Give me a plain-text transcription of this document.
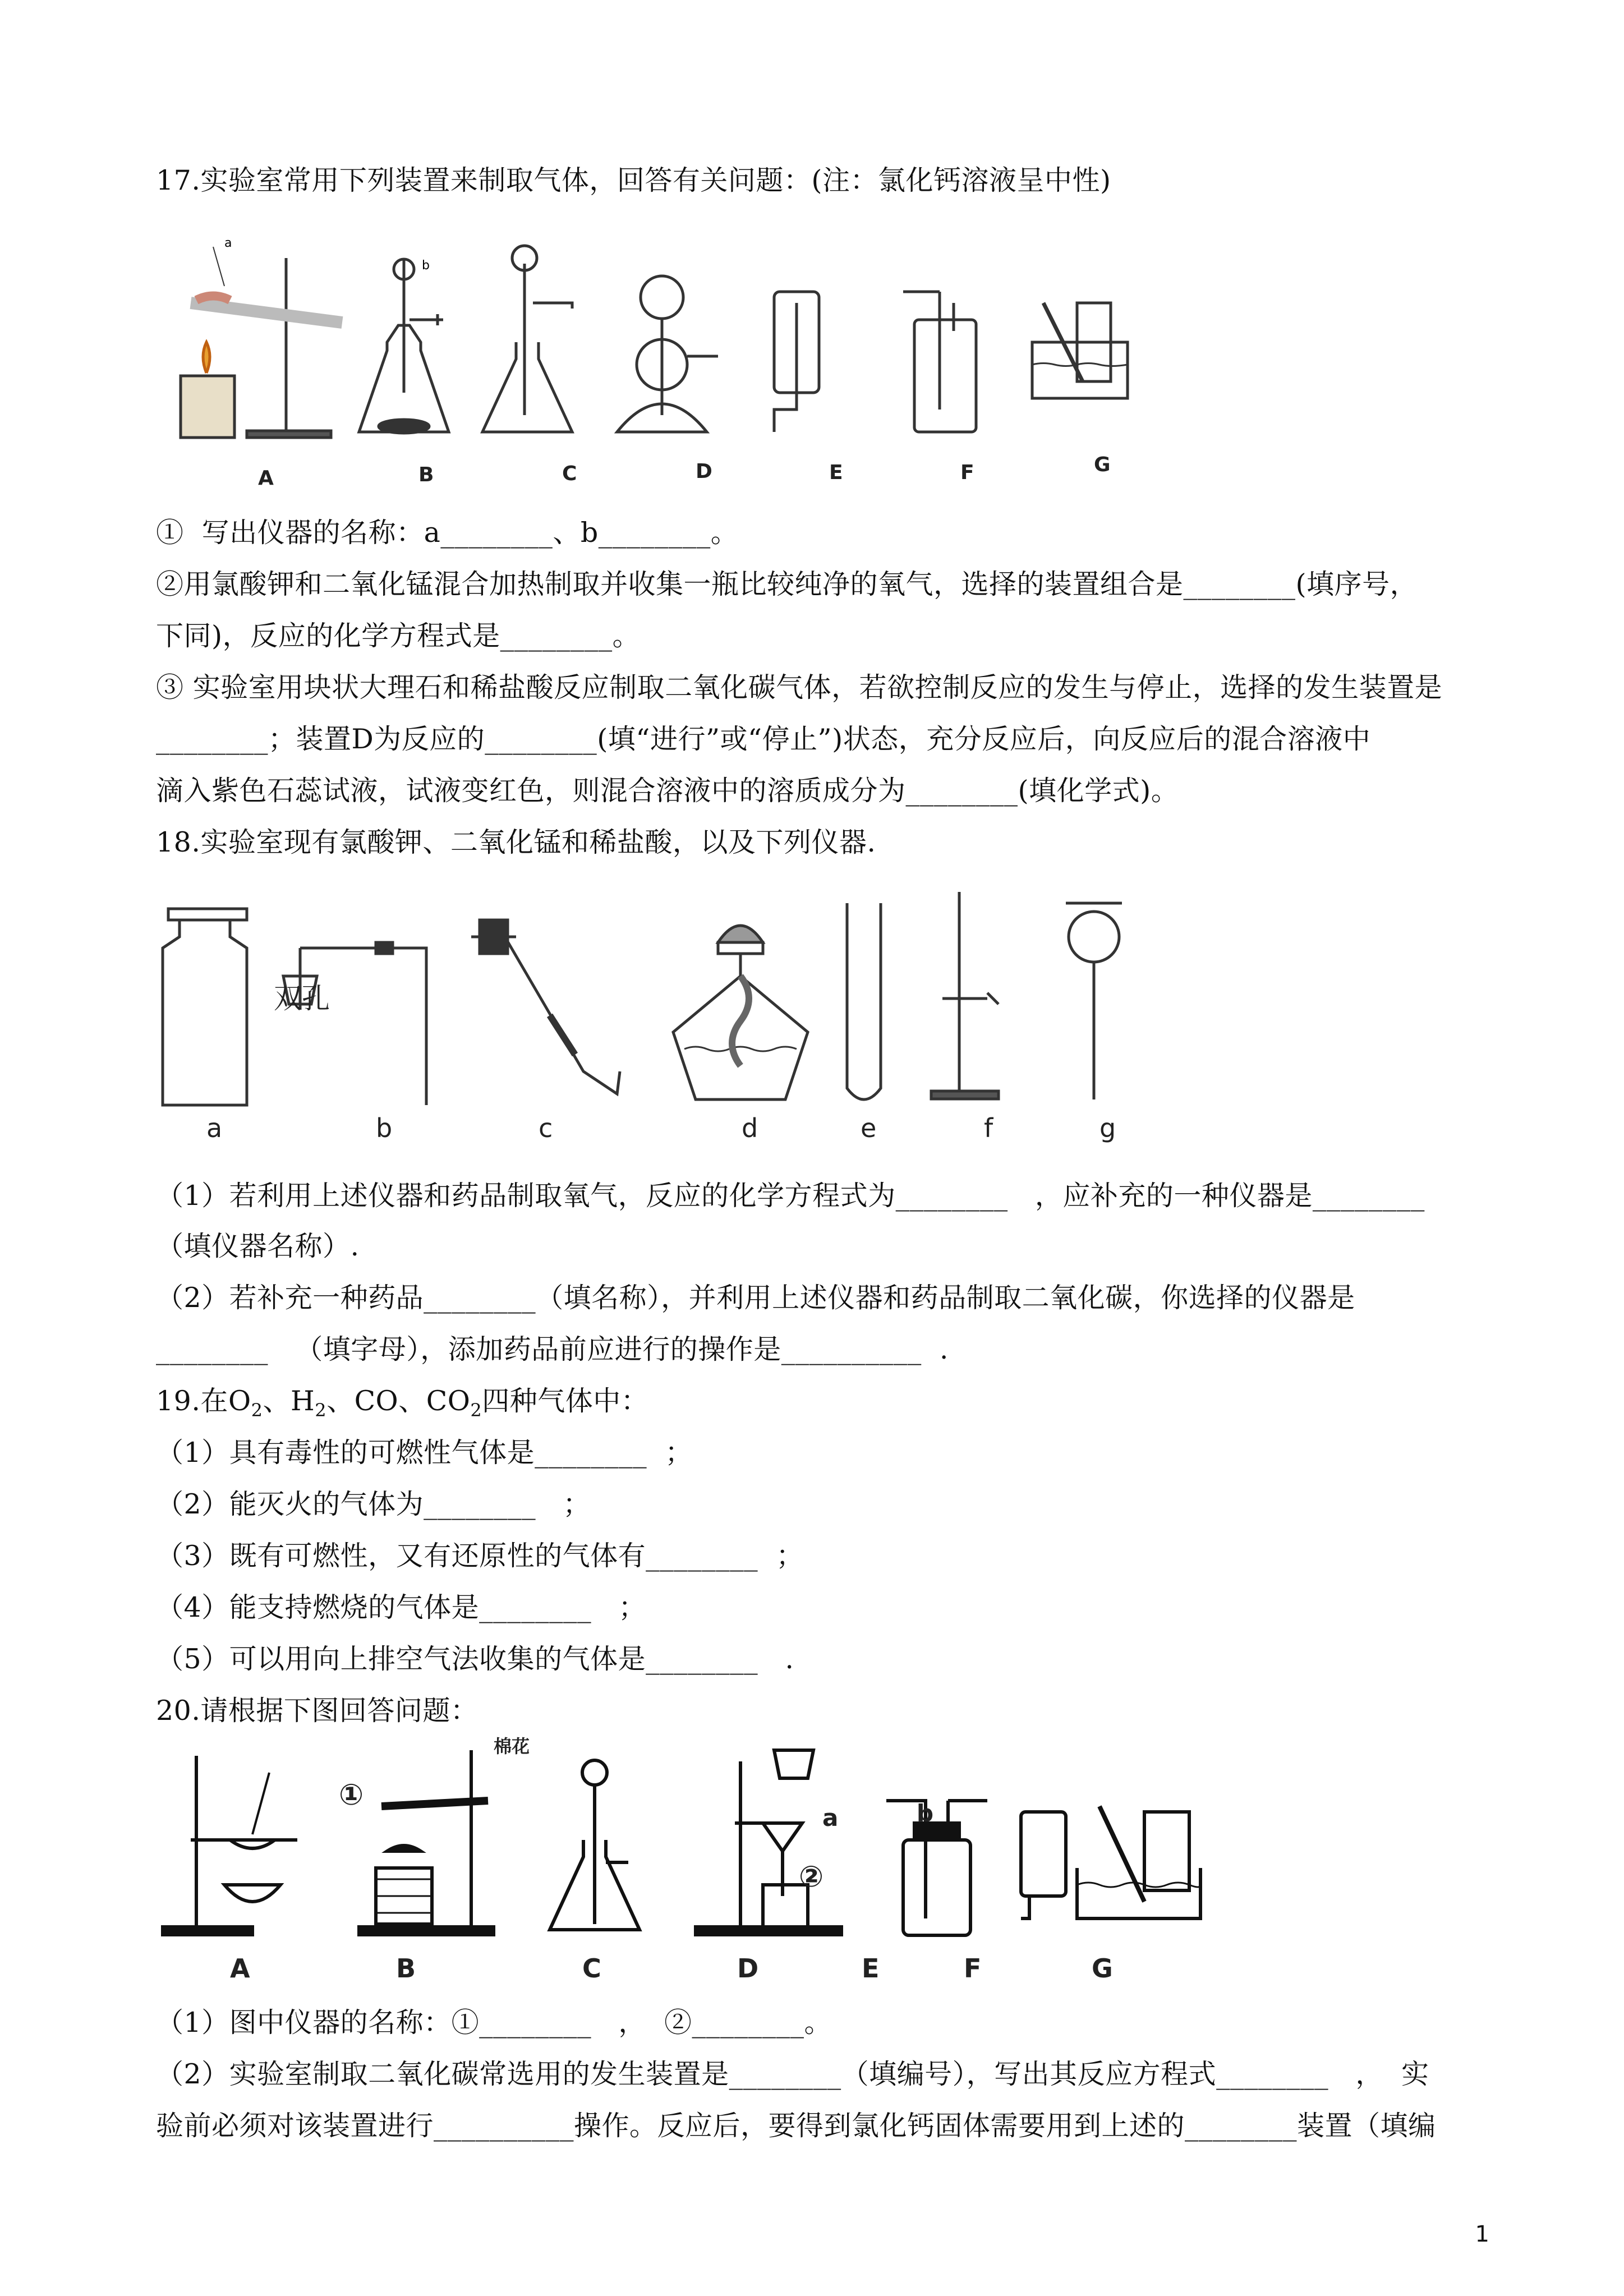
17.实验室常用下列装置来制取气体，回答有关问题：(注：氯化钙溶液呈中性)
a
b
A	B	C	D	E	F	G
①  写出仪器的名称：a________、b________。
②用氯酸钾和二氧化锰混合加热制取并收集一瓶比较纯净的氧气，选择的装置组合是________(填序号，
下同)，反应的化学方程式是________。
③ 实验室用块状大理石和稀盐酸反应制取二氧化碳气体，若欲控制反应的发生与停止，选择的发生装置是
________；装置D为反应的________(填“进行”或“停止”)状态，充分反应后，向反应后的混合溶液中
滴入紫色石蕊试液，试液变红色，则混合溶液中的溶质成分为________(填化学式)。
18.实验室现有氯酸钾、二氧化锰和稀盐酸，以及下列仪器.
双孔
a	b	c	d	e	f	g
（1）若利用上述仪器和药品制取氧气，反应的化学方程式为________   ，应补充的一种仪器是________
（填仪器名称）.
（2）若补充一种药品________（填名称），并利用上述仪器和药品制取二氧化碳，你选择的仪器是
________   （填字母），添加药品前应进行的操作是__________  .
19.在$O_2$、$H_2$、CO、$CO_2$四种气体中：
（1）具有毒性的可燃性气体是________  ；
（2）能灭火的气体为________   ；
（3）既有可燃性，又有还原性的气体有________  ；
（4）能支持燃烧的气体是________   ；
（5）可以用向上排空气法收集的气体是________   .
20.请根据下图回答问题：
棉花
①
②
a	b
A	B	C	D	E	F	G
（1）图中仪器的名称：①________   ，  ②________。
（2）实验室制取二氧化碳常选用的发生装置是________（填编号），写出其反应方程式________   ，  实
验前必须对该装置进行__________操作。反应后，要得到氯化钙固体需要用到上述的________装置（填编
1
